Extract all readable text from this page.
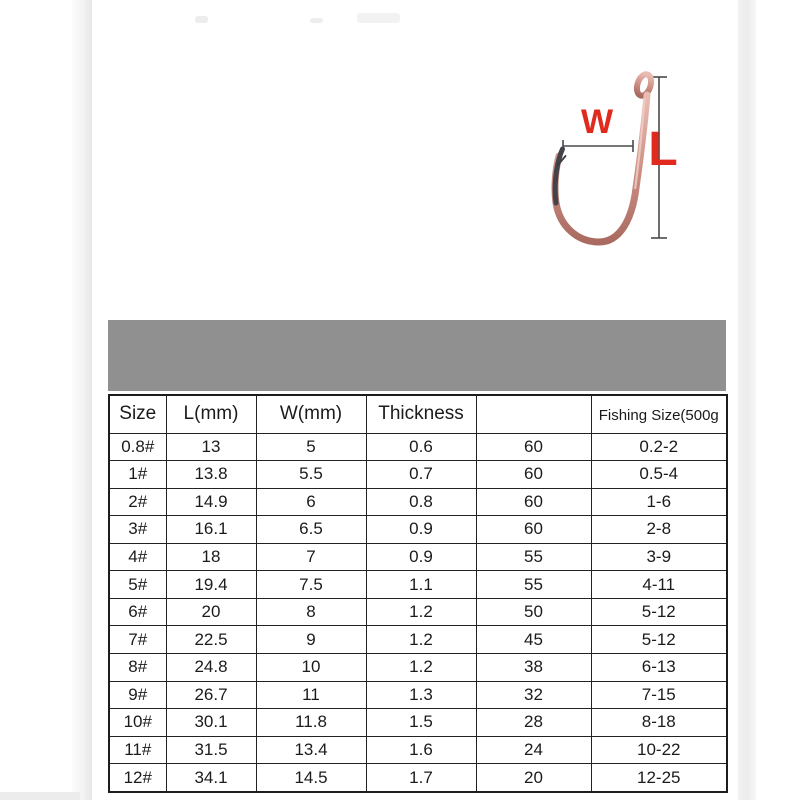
W
L
Size	L(mm)	W(mm)	Thickness		Fishing Size(500g
0.8#	13	5	0.6	60	0.2-2
1#	13.8	5.5	0.7	60	0.5-4
2#	14.9	6	0.8	60	1-6
3#	16.1	6.5	0.9	60	2-8
4#	18	7	0.9	55	3-9
5#	19.4	7.5	1.1	55	4-11
6#	20	8	1.2	50	5-12
7#	22.5	9	1.2	45	5-12
8#	24.8	10	1.2	38	6-13
9#	26.7	11	1.3	32	7-15
10#	30.1	11.8	1.5	28	8-18
11#	31.5	13.4	1.6	24	10-22
12#	34.1	14.5	1.7	20	12-25
